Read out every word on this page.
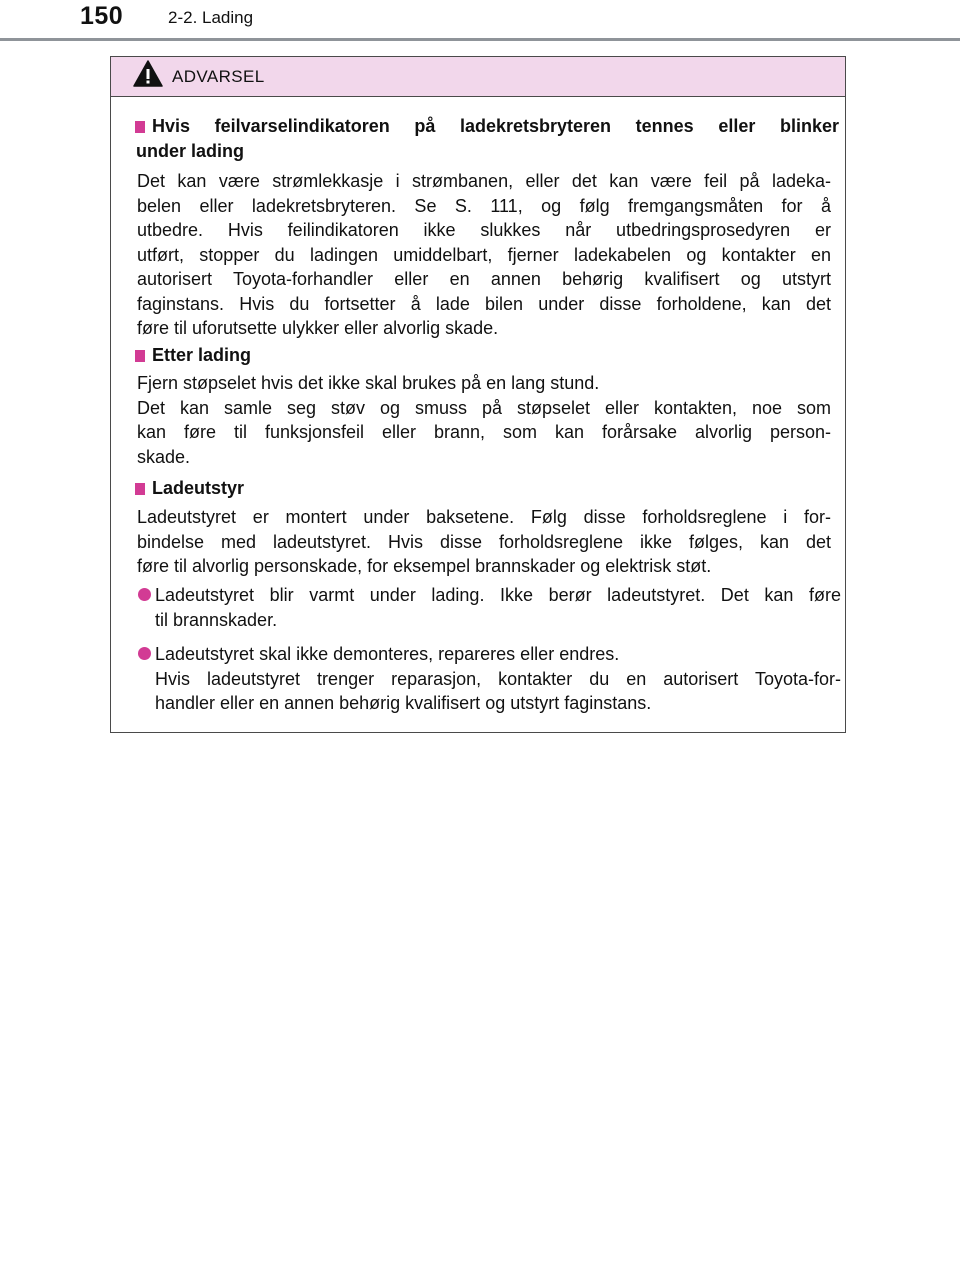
150	2-2. Lading
ADVARSEL
Hvis feilvarselindikatoren på ladekretsbryteren tennes eller blinker
under lading
Det kan være strømlekkasje i strømbanen, eller det kan være feil på ladeka-
belen eller ladekretsbryteren. Se S. 111, og følg fremgangsmåten for å
utbedre. Hvis feilindikatoren ikke slukkes når utbedringsprosedyren er
utført, stopper du ladingen umiddelbart, fjerner ladekabelen og kontakter en
autorisert Toyota-forhandler eller en annen behørig kvalifisert og utstyrt
faginstans. Hvis du fortsetter å lade bilen under disse forholdene, kan det
føre til uforutsette ulykker eller alvorlig skade.
Etter lading
Fjern støpselet hvis det ikke skal brukes på en lang stund.
Det kan samle seg støv og smuss på støpselet eller kontakten, noe som
kan føre til funksjonsfeil eller brann, som kan forårsake alvorlig person-
skade.
Ladeutstyr
Ladeutstyret er montert under baksetene. Følg disse forholdsreglene i for-
bindelse med ladeutstyret. Hvis disse forholdsreglene ikke følges, kan det
føre til alvorlig personskade, for eksempel brannskader og elektrisk støt.
Ladeutstyret blir varmt under lading. Ikke berør ladeutstyret. Det kan føre
til brannskader.
Ladeutstyret skal ikke demonteres, repareres eller endres.
Hvis ladeutstyret trenger reparasjon, kontakter du en autorisert Toyota-for-
handler eller en annen behørig kvalifisert og utstyrt faginstans.
